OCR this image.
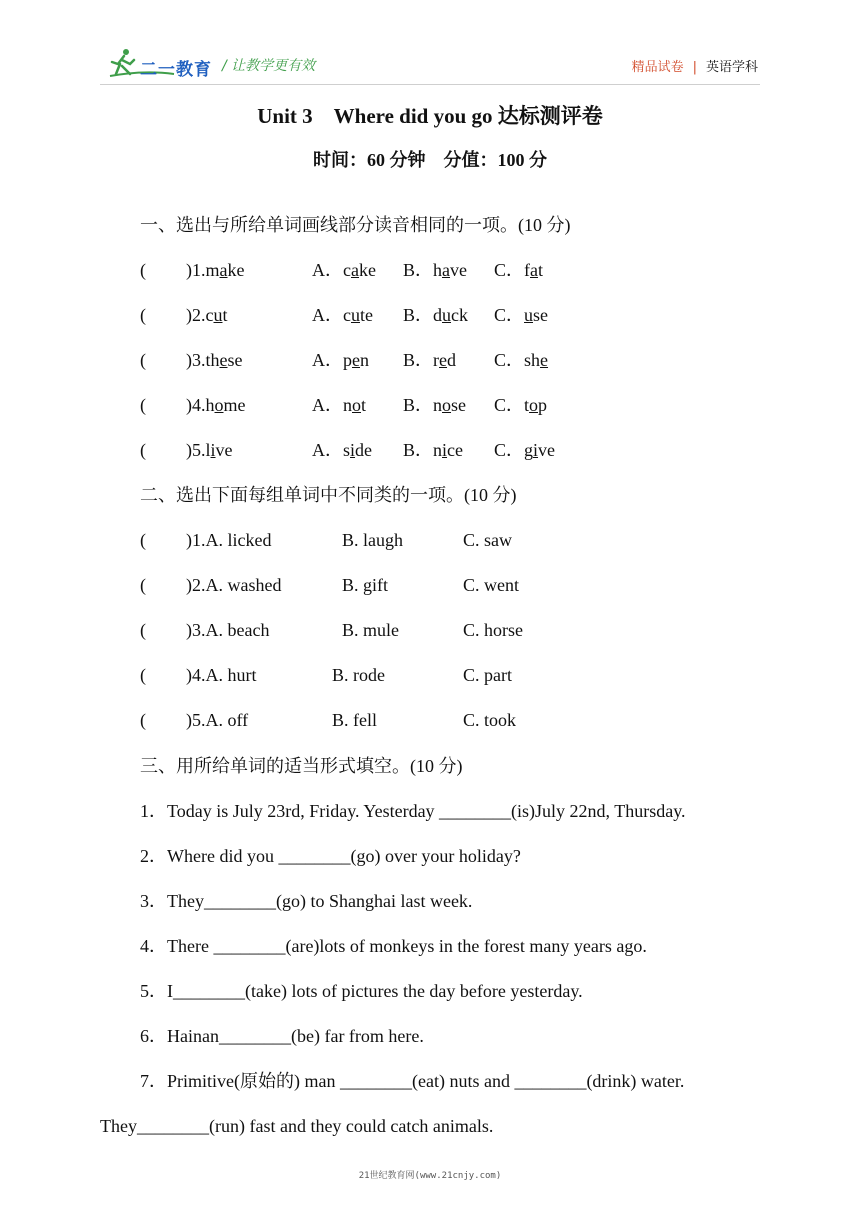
二一教育 / 让教学更有效	精品试卷 | 英语学科
Unit 3　Where did you go 达标测评卷
时间：60 分钟　分值：100 分
一、选出与所给单词画线部分读音相同的一项。(10 分)
( )1.make	A．cake B．have C．fat
( )2.cut	A．cute B．duck C．use
( )3.these	A．pen B．red C．she
( )4.home	A．not B．nose C．top
( )5.live	A．side B．nice C．give
二、选出下面每组单词中不同类的一项。(10 分)
( )1.A. licked	B. laugh	C. saw
( )2.A. washed	B. gift	C. went
( )3.A. beach	B. mule	C. horse
( )4.A. hurt	B. rode	C. part
( )5.A. off	B. fell	C. took
三、用所给单词的适当形式填空。(10 分)
1．Today is July 23rd, Friday. Yesterday ________(is)July 22nd, Thursday.
2．Where did you ________(go) over your holiday?
3．They________(go) to Shanghai last week.
4．There ________(are)lots of monkeys in the forest many years ago.
5．I________(take) lots of pictures the day before yesterday.
6．Hainan________(be) far from here.
7．Primitive(原始的) man ________(eat) nuts and ________(drink) water.
They________(run) fast and they could catch animals.
21世纪教育网(www.21cnjy.com)
